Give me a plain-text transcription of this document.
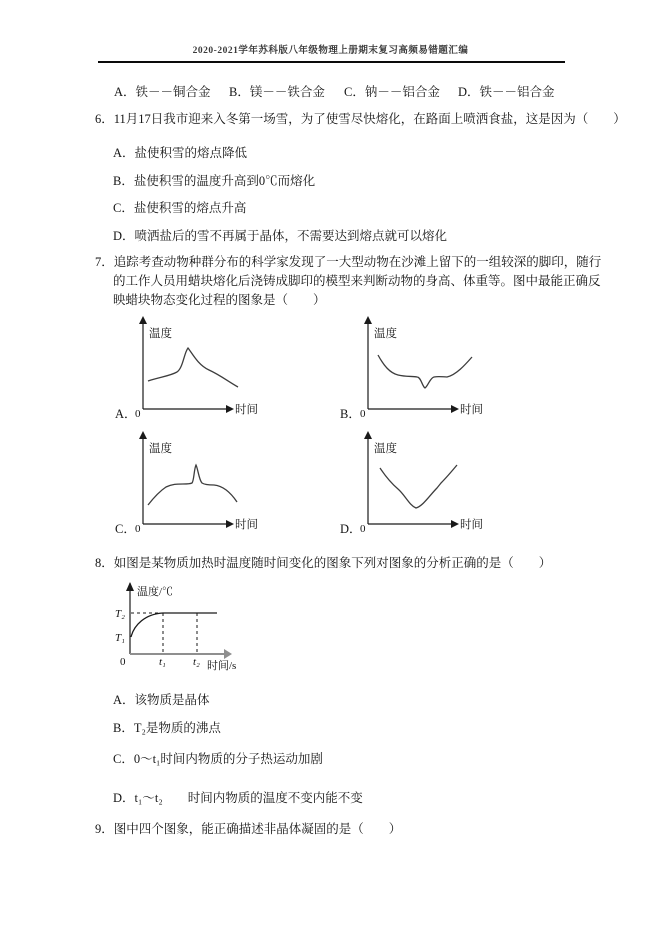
2020-2021学年苏科版八年级物理上册期末复习高频易错题汇编
A．铁－－铜合金 B．镁－－铁合金 C．钠－－铝合金 D．铁－－铝合金
6．11月17日我市迎来入冬第一场雪，为了使雪尽快熔化，在路面上喷洒食盐，这是因为（　　）
A．盐使积雪的熔点降低
B．盐使积雪的温度升高到0℃而熔化
C．盐使积雪的熔点升高
D．喷洒盐后的雪不再属于晶体，不需要达到熔点就可以熔化
7．追踪考查动物种群分布的科学家发现了一大型动物在沙滩上留下的一组较深的脚印，随行的工作人员用蜡块熔化后浇铸成脚印的模型来判断动物的身高、体重等。图中最能正确反映蜡块物态变化过程的图象是（　　）
温度
时间
A．
0
温度
时间
B． 0
温度
时间
C． 0
温度
时间
D．
0
8．如图是某物质加热时温度随时间变化的图象下列对图象的分析正确的是（　　）
温度/℃
T₂
T₁
0	t₁ t₂ 时间/s
A．该物质是晶体
B．T₂是物质的沸点
C．0～t₁时间内物质的分子热运动加剧
D．t₁～t₂　　时间内物质的温度不变内能不变
9．图中四个图象，能正确描述非晶体凝固的是（　　）
